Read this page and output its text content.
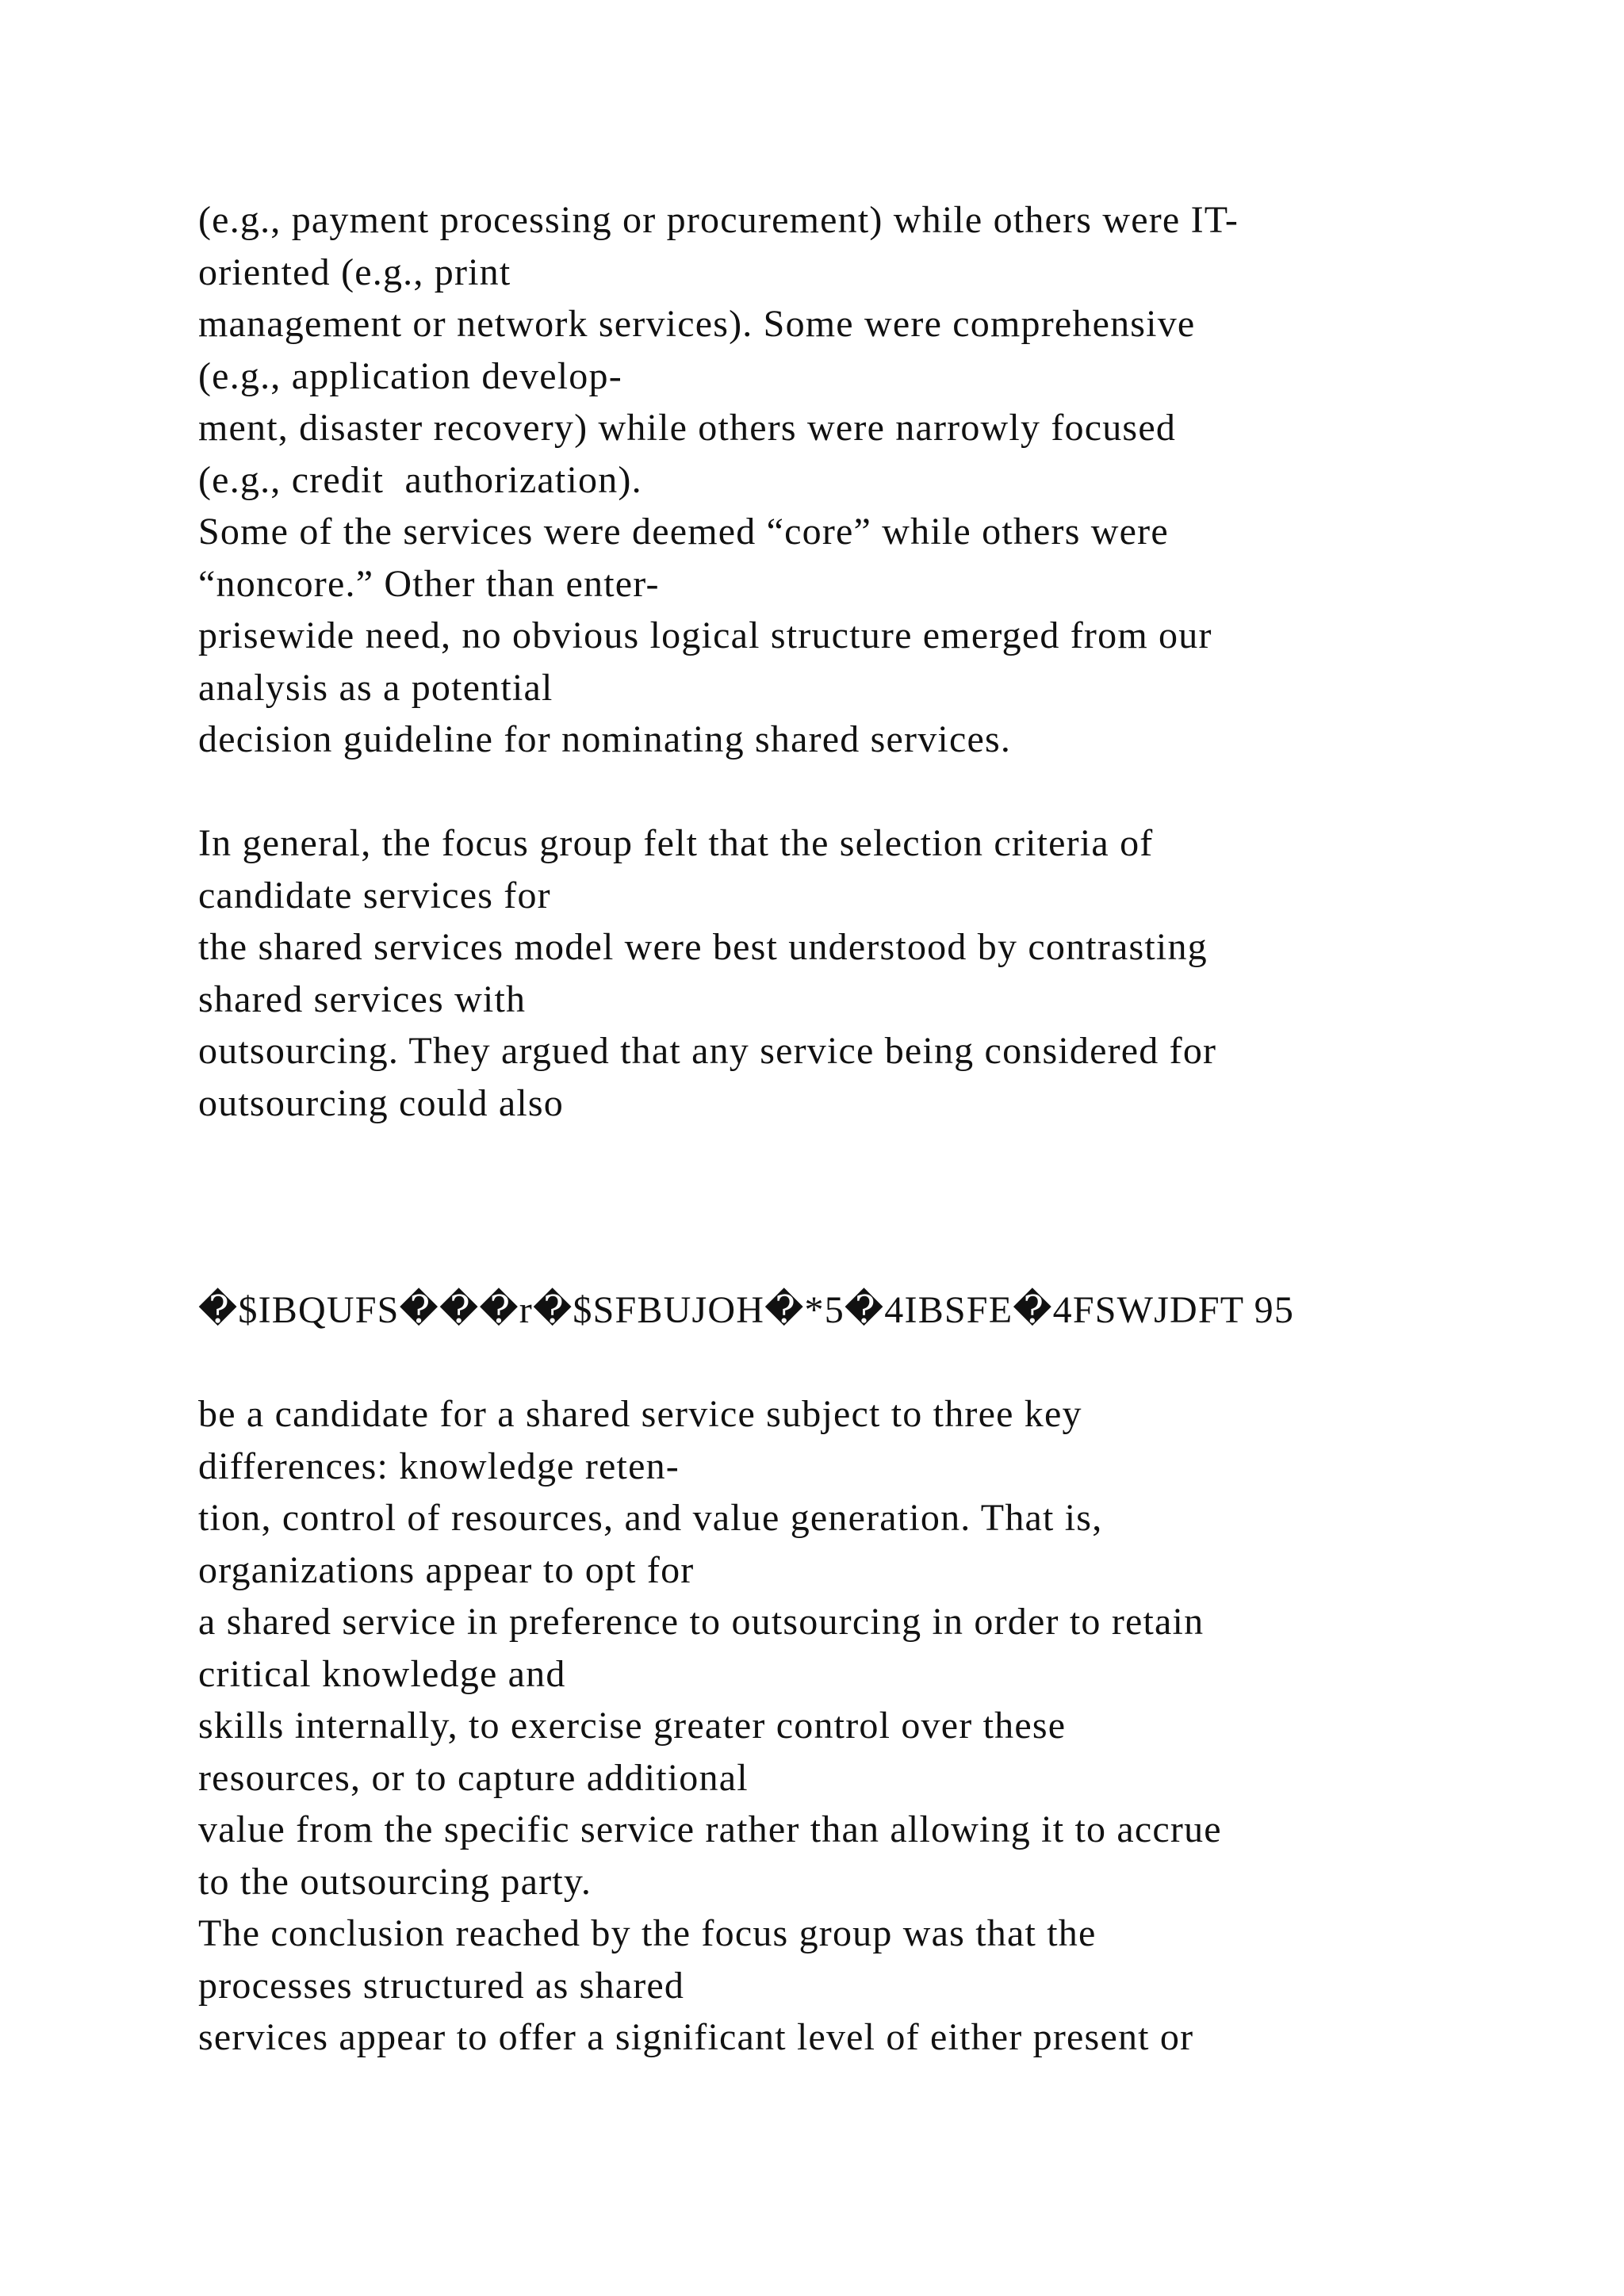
(e.g., payment processing or procurement) while others were IT-
oriented (e.g., print
management or network services). Some were comprehensive
(e.g., application develop-
ment, disaster recovery) while others were narrowly focused
(e.g., credit  authorization).
Some of the services were deemed “core” while others were
“noncore.” Other than enter-
prisewide need, no obvious logical structure emerged from our
analysis as a potential
decision guideline for nominating shared services.
In general, the focus group felt that the selection criteria of
candidate services for
the shared services model were best understood by contrasting
shared services with
outsourcing. They argued that any service being considered for
outsourcing could also
�$IBQUFS���r�$SFBUJOH�*5�4IBSFE�4FSWJDFT 95
be a candidate for a shared service subject to three key
differences: knowledge reten-
tion, control of resources, and value generation. That is,
organizations appear to opt for
a shared service in preference to outsourcing in order to retain
critical knowledge and
skills internally, to exercise greater control over these
resources, or to capture additional
value from the specific service rather than allowing it to accrue
to the outsourcing party.
The conclusion reached by the focus group was that the
processes structured as shared
services appear to offer a significant level of either present or
